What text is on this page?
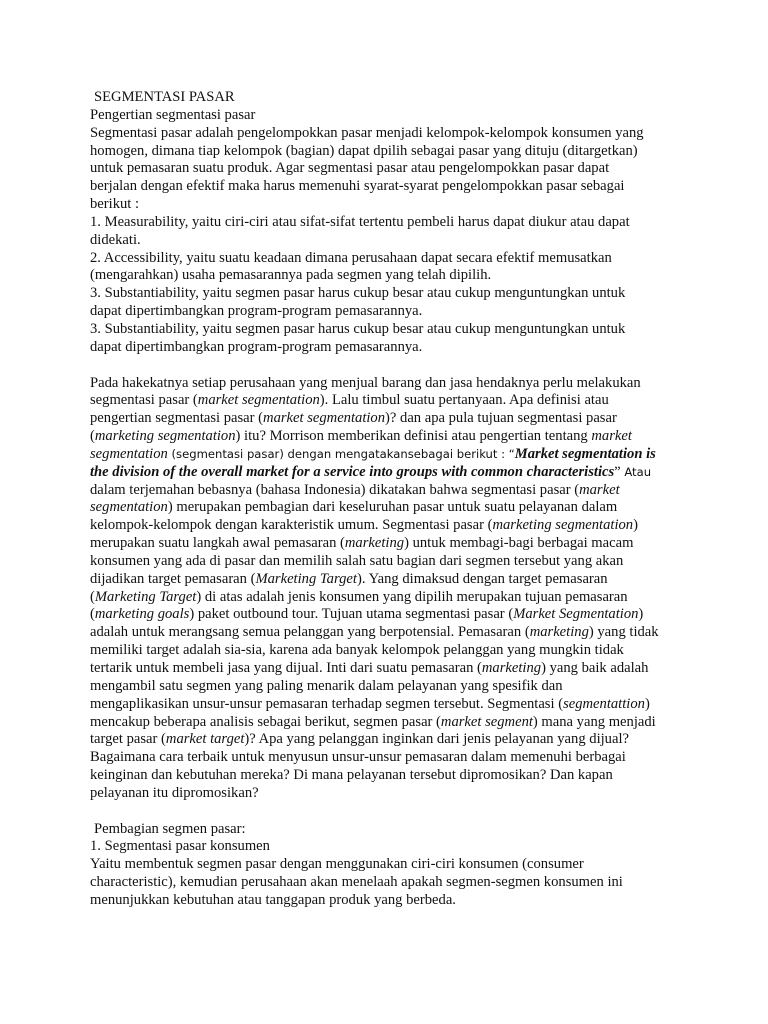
SEGMENTASI PASAR
Pengertian segmentasi pasar
Segmentasi pasar adalah pengelompokkan pasar menjadi kelompok-kelompok konsumen yang
homogen, dimana tiap kelompok (bagian) dapat dpilih sebagai pasar yang dituju (ditargetkan)
untuk pemasaran suatu produk. Agar segmentasi pasar atau pengelompokkan pasar dapat
berjalan dengan efektif maka harus memenuhi syarat-syarat pengelompokkan pasar sebagai
berikut :
1. Measurability, yaitu ciri-ciri atau sifat-sifat tertentu pembeli harus dapat diukur atau dapat
didekati.
2. Accessibility, yaitu suatu keadaan dimana perusahaan dapat secara efektif memusatkan
(mengarahkan) usaha pemasarannya pada segmen yang telah dipilih.
3. Substantiability, yaitu segmen pasar harus cukup besar atau cukup menguntungkan untuk
dapat dipertimbangkan program-program pemasarannya.
3. Substantiability, yaitu segmen pasar harus cukup besar atau cukup menguntungkan untuk
dapat dipertimbangkan program-program pemasarannya.
Pada hakekatnya setiap perusahaan yang menjual barang dan jasa hendaknya perlu melakukan
segmentasi pasar (market segmentation). Lalu timbul suatu pertanyaan. Apa definisi atau
pengertian segmentasi pasar (market segmentation)? dan apa pula tujuan segmentasi pasar
(marketing segmentation) itu? Morrison memberikan definisi atau pengertian tentang market
segmentation (segmentasi pasar) dengan mengatakansebagai berikut : “Market segmentation is
the division of the overall market for a service into groups with common characteristics” Atau
dalam terjemahan bebasnya (bahasa Indonesia) dikatakan bahwa segmentasi pasar (market
segmentation) merupakan pembagian dari keseluruhan pasar untuk suatu pelayanan dalam
kelompok-kelompok dengan karakteristik umum. Segmentasi pasar (marketing segmentation)
merupakan suatu langkah awal pemasaran (marketing) untuk membagi-bagi berbagai macam
konsumen yang ada di pasar dan memilih salah satu bagian dari segmen tersebut yang akan
dijadikan target pemasaran (Marketing Target). Yang dimaksud dengan target pemasaran
(Marketing Target) di atas adalah jenis konsumen yang dipilih merupakan tujuan pemasaran
(marketing goals) paket outbound tour. Tujuan utama segmentasi pasar (Market Segmentation)
adalah untuk merangsang semua pelanggan yang berpotensial. Pemasaran (marketing) yang tidak
memiliki target adalah sia-sia, karena ada banyak kelompok pelanggan yang mungkin tidak
tertarik untuk membeli jasa yang dijual. Inti dari suatu pemasaran (marketing) yang baik adalah
mengambil satu segmen yang paling menarik dalam pelayanan yang spesifik dan
mengaplikasikan unsur-unsur pemasaran terhadap segmen tersebut. Segmentasi (segmentattion)
mencakup beberapa analisis sebagai berikut, segmen pasar (market segment) mana yang menjadi
target pasar (market target)? Apa yang pelanggan inginkan dari jenis pelayanan yang dijual?
Bagaimana cara terbaik untuk menyusun unsur-unsur pemasaran dalam memenuhi berbagai
keinginan dan kebutuhan mereka? Di mana pelayanan tersebut dipromosikan? Dan kapan
pelayanan itu dipromosikan?
Pembagian segmen pasar:
1. Segmentasi pasar konsumen
Yaitu membentuk segmen pasar dengan menggunakan ciri-ciri konsumen (consumer
characteristic), kemudian perusahaan akan menelaah apakah segmen-segmen konsumen ini
menunjukkan kebutuhan atau tanggapan produk yang berbeda.
